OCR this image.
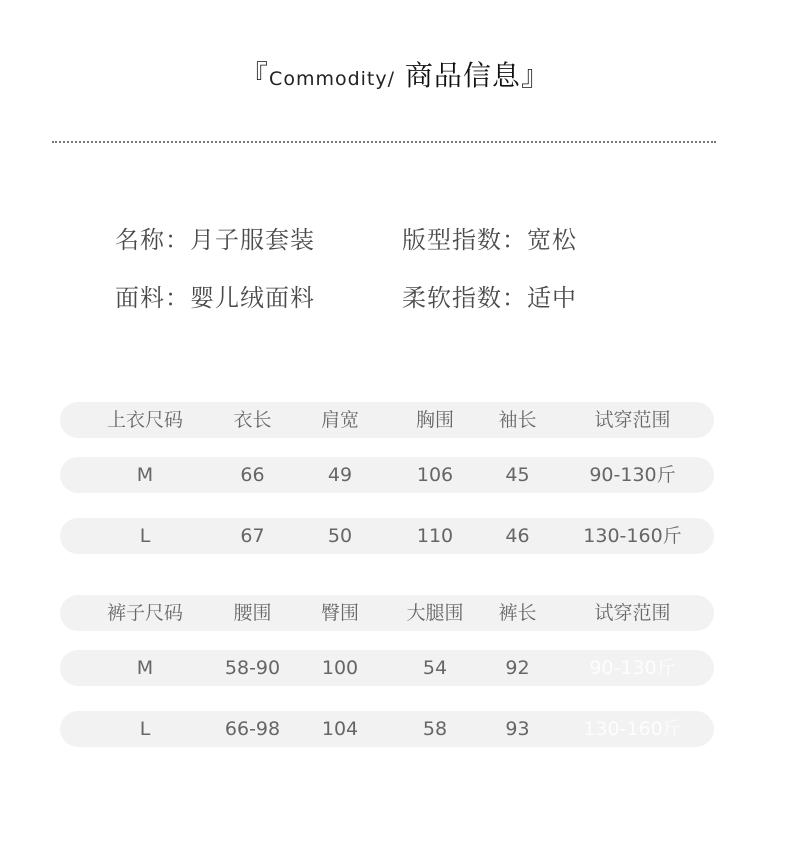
『Commodity/ 商品信息』
名称：月子服套装	版型指数：宽松
面料：婴儿绒面料	柔软指数：适中
上衣尺码	衣长	肩宽	胸围	袖长	试穿范围
M	66	49	106	45	90-130斤
L	67	50	110	46	130-160斤
裤子尺码	腰围	臀围	大腿围	裤长	试穿范围
M	58-90	100	54	92	90-130斤
L	66-98	104	58	93	130-160斤
